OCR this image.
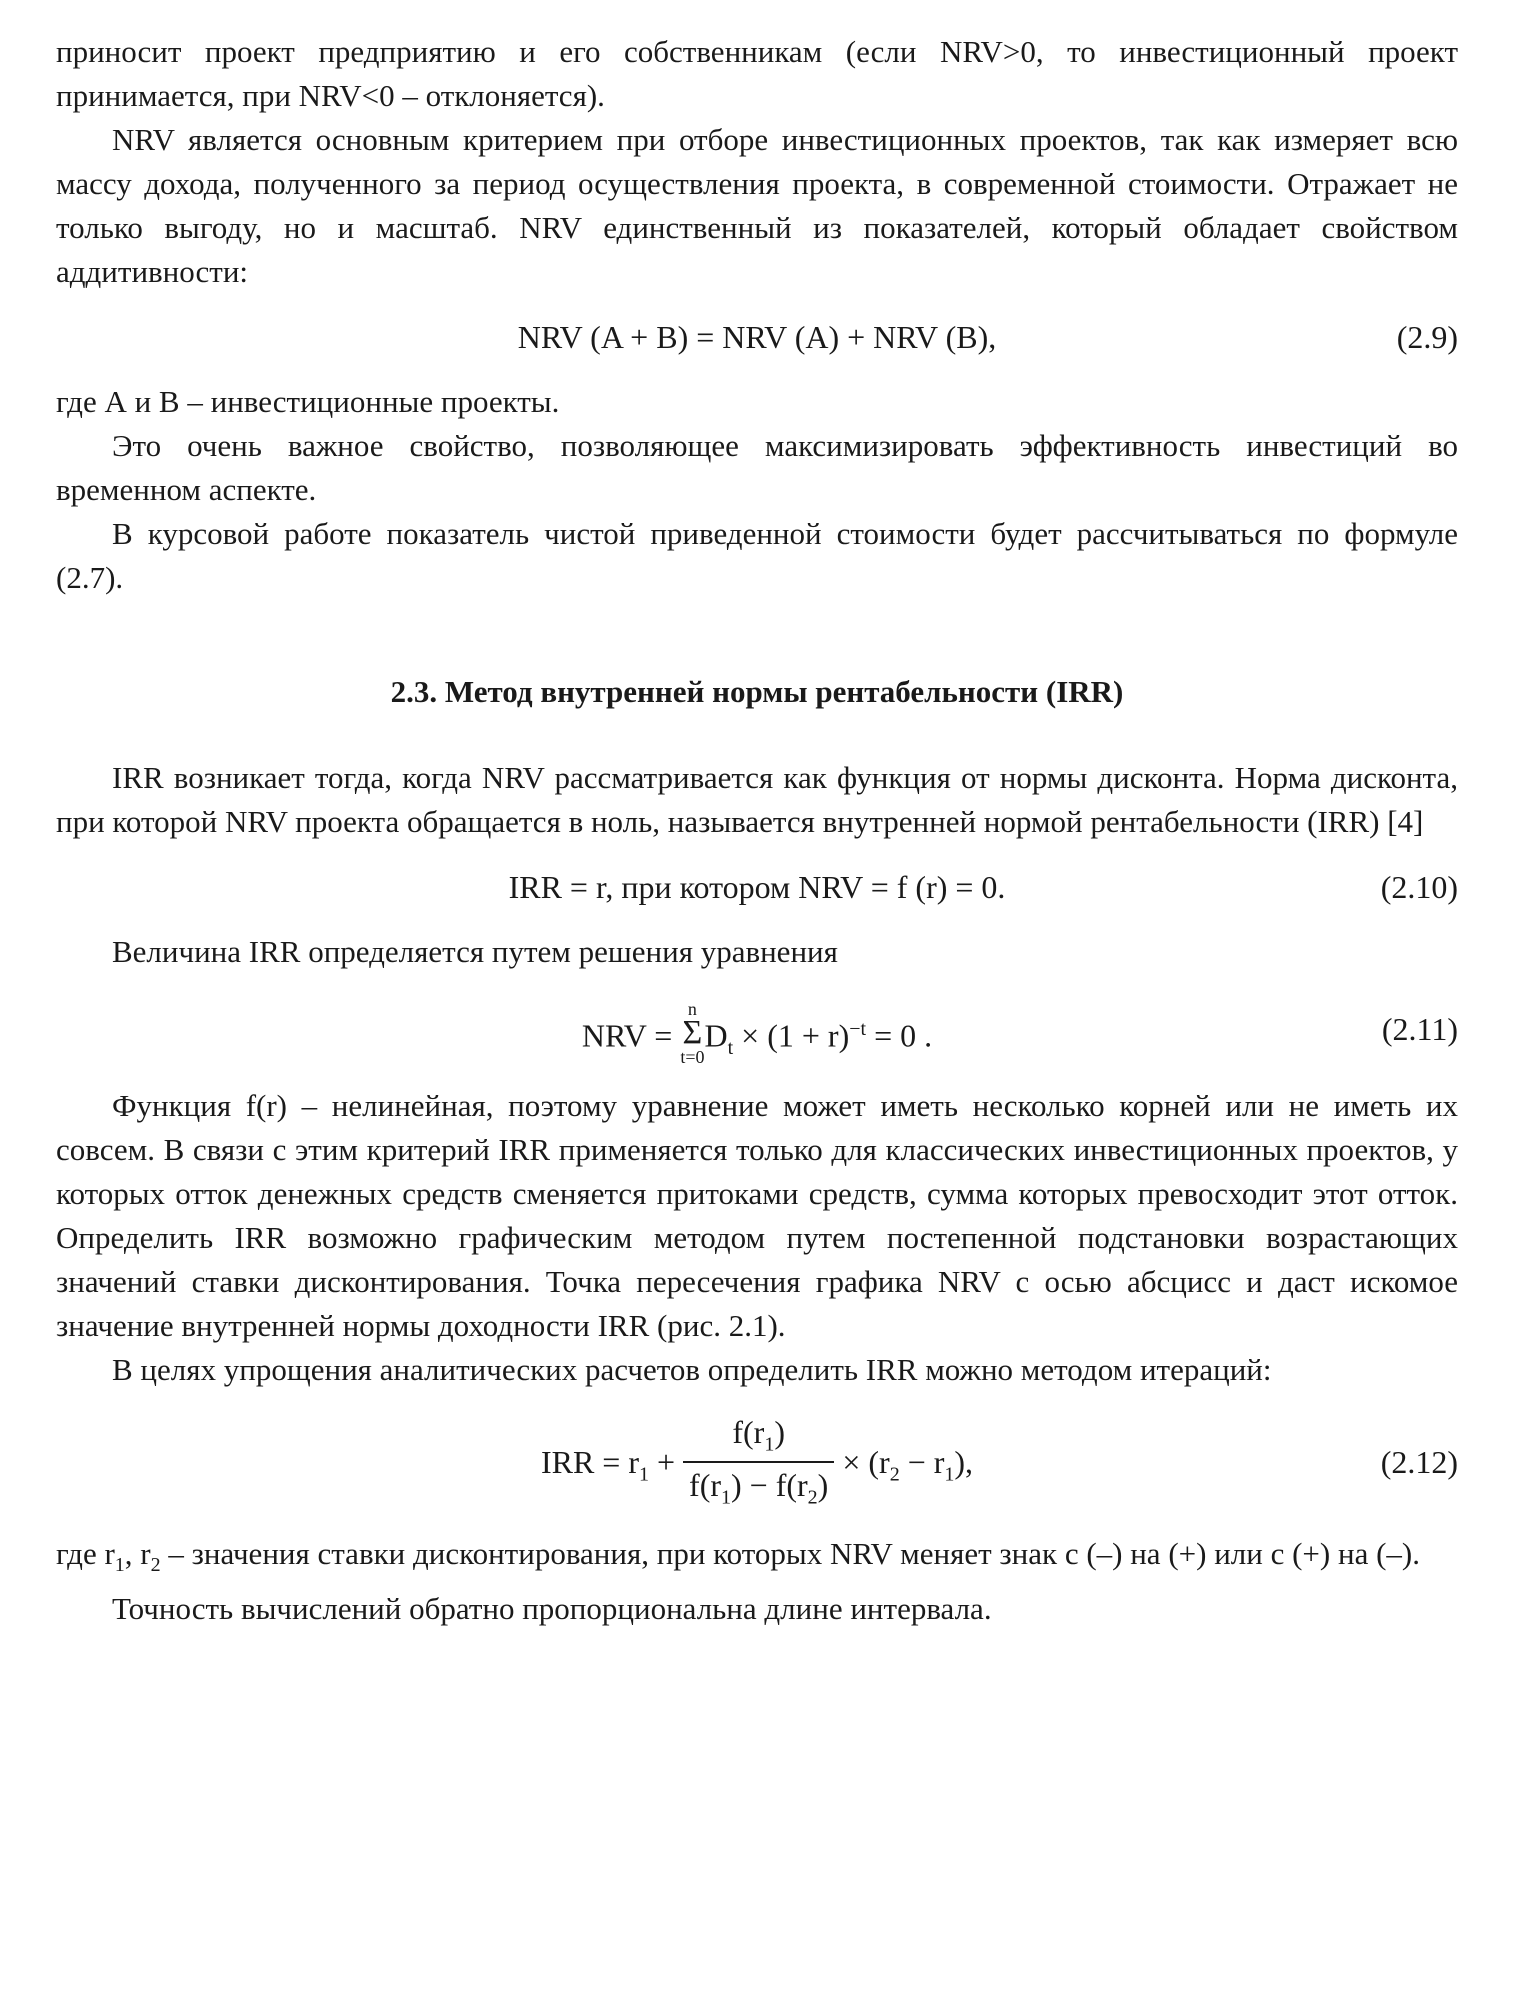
приносит проект предприятию и его собственникам (если NRV>0, то инвестиционный проект принимается, при NRV<0 – отклоняется).

NRV является основным критерием при отборе инвестиционных проектов, так как измеряет всю массу дохода, полученного за период осуществления проекта, в современной стоимости. Отражает не только выгоду, но и масштаб. NRV единственный из показателей, который обладает свойством аддитивности:

NRV (A + B) = NRV (A) + NRV (B),	(2.9)

где А и В – инвестиционные проекты.

Это очень важное свойство, позволяющее максимизировать эффективность инвестиций во временном аспекте.

В курсовой работе показатель чистой приведенной стоимости будет рассчитываться по формуле (2.7).

2.3. Метод внутренней нормы рентабельности (IRR)

IRR возникает тогда, когда NRV рассматривается как функция от нормы дисконта. Норма дисконта, при которой NRV проекта обращается в ноль, называется внутренней нормой рентабельности (IRR) [4]

IRR = r, при котором NRV = f (r) = 0.	(2.10)

Величина IRR определяется путем решения уравнения

NRV =
n
Σ
t=0
$D_t \times (1 + r)^{-t} = 0$ .	(2.11)

Функция f(r) – нелинейная, поэтому уравнение может иметь несколько корней или не иметь их совсем. В связи с этим критерий IRR применяется только для классических инвестиционных проектов, у которых отток денежных средств сменяется притоками средств, сумма которых превосходит этот отток. Определить IRR возможно графическим методом путем постепенной подстановки возрастающих значений ставки дисконтирования. Точка пересечения графика NRV с осью абсцисс и даст искомое значение внутренней нормы доходности IRR (рис. 2.1).

В целях упрощения аналитических расчетов определить IRR можно методом итераций:

IRR = $r_1 + \frac{f(r_1)}{f(r_1) - f(r_2)} \times (r_2 - r_1)$,	(2.12)

где $r_1$, $r_2$ – значения ставки дисконтирования, при которых NRV меняет знак с (–) на (+) или с (+) на (–).

Точность вычислений обратно пропорциональна длине интервала.
